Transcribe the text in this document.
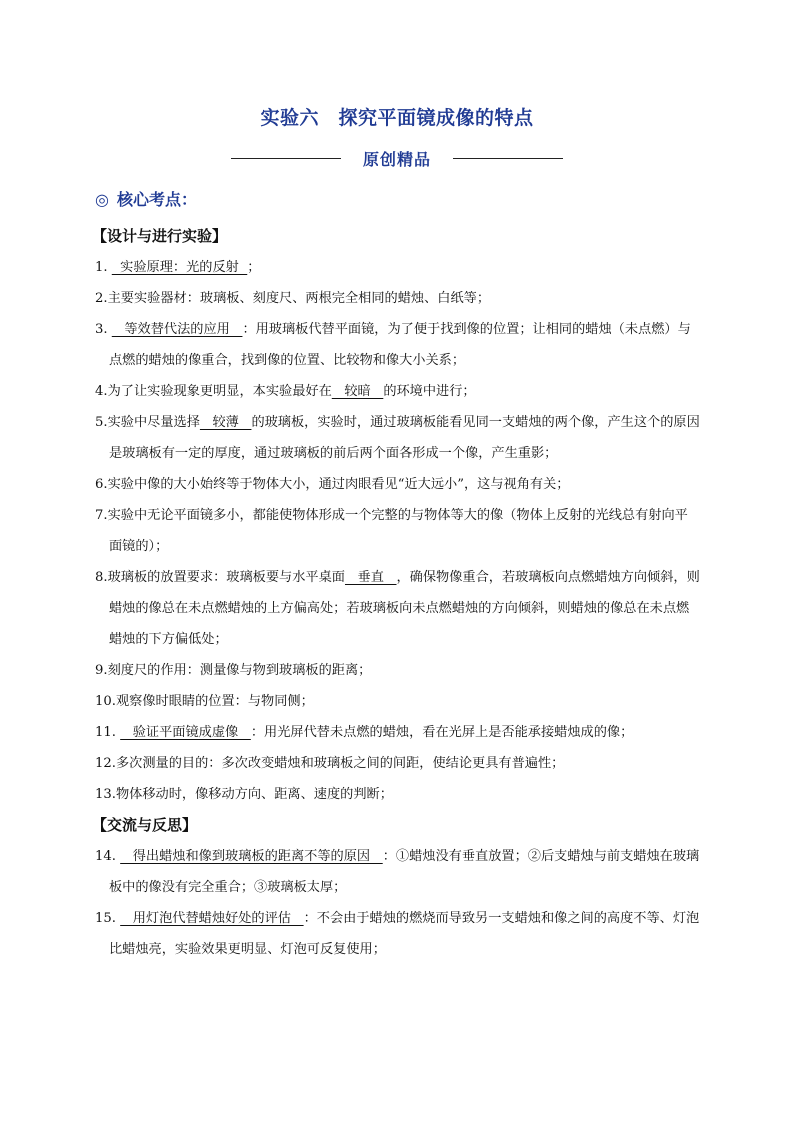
实验六　探究平面镜成像的特点
原创精品
◎ 核心考点：
【设计与进行实验】
1.   实验原理：光的反射  ；
2.主要实验器材：玻璃板、刻度尺、两根完全相同的蜡烛、白纸等；
3.    等效替代法的应用   ：用玻璃板代替平面镜，为了便于找到像的位置；让相同的蜡烛（未点燃）与点燃的蜡烛的像重合，找到像的位置、比较物和像大小关系；
4.为了让实验现象更明显，本实验最好在   较暗   的环境中进行；
5.实验中尽量选择   较薄   的玻璃板，实验时，通过玻璃板能看见同一支蜡烛的两个像，产生这个的原因是玻璃板有一定的厚度，通过玻璃板的前后两个面各形成一个像，产生重影；
6.实验中像的大小始终等于物体大小，通过肉眼看见“近大远小”，这与视角有关；
7.实验中无论平面镜多小，都能使物体形成一个完整的与物体等大的像（物体上反射的光线总有射向平面镜的）；
8.玻璃板的放置要求：玻璃板要与水平桌面   垂直   ，确保物像重合，若玻璃板向点燃蜡烛方向倾斜，则蜡烛的像总在未点燃蜡烛的上方偏高处；若玻璃板向未点燃蜡烛的方向倾斜，则蜡烛的像总在未点燃蜡烛的下方偏低处；
9.刻度尺的作用：测量像与物到玻璃板的距离；
10.观察像时眼睛的位置：与物同侧；
11.    验证平面镜成虚像   ：用光屏代替未点燃的蜡烛，看在光屏上是否能承接蜡烛成的像；
12.多次测量的目的：多次改变蜡烛和玻璃板之间的间距，使结论更具有普遍性；
13.物体移动时，像移动方向、距离、速度的判断；
【交流与反思】
14.    得出蜡烛和像到玻璃板的距离不等的原因   ：①蜡烛没有垂直放置；②后支蜡烛与前支蜡烛在玻璃板中的像没有完全重合；③玻璃板太厚；
15.    用灯泡代替蜡烛好处的评估   ：不会由于蜡烛的燃烧而导致另一支蜡烛和像之间的高度不等、灯泡比蜡烛亮，实验效果更明显、灯泡可反复使用；
